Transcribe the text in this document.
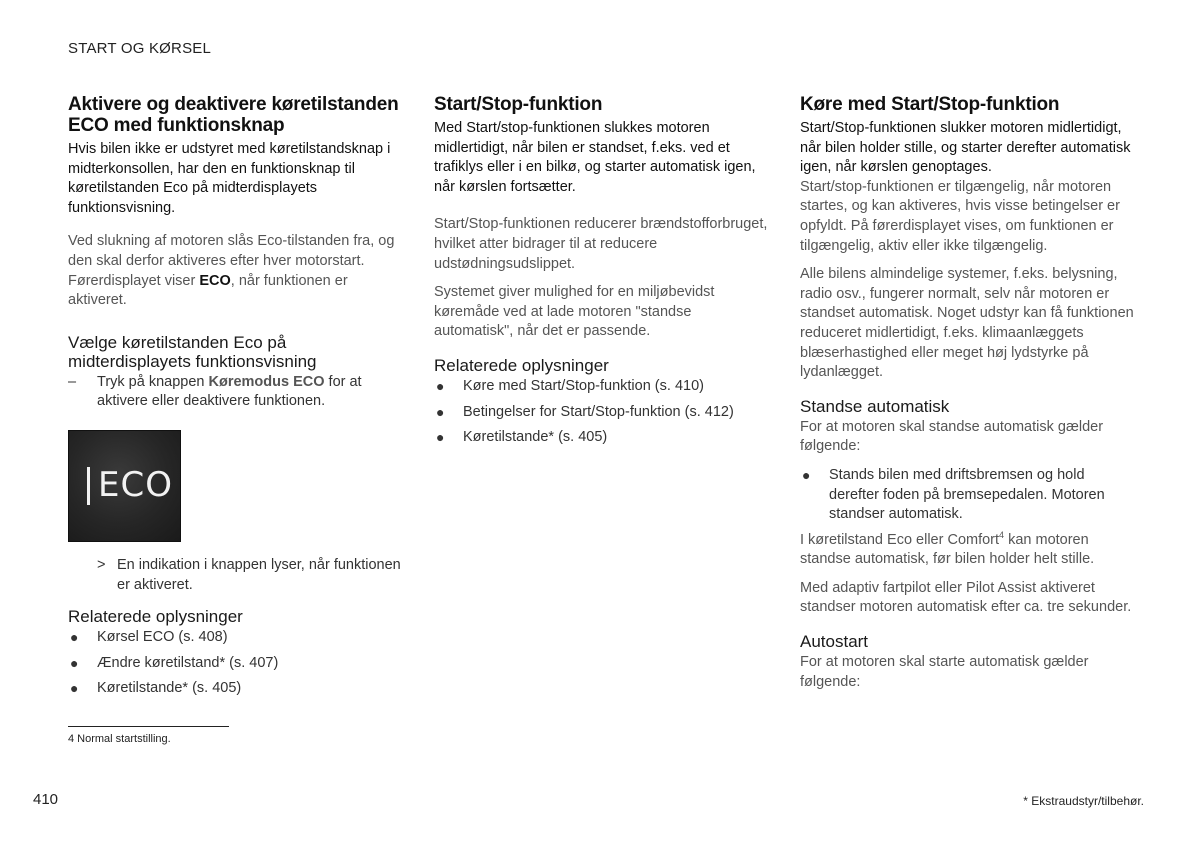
START OG KØRSEL
Aktivere og deaktivere køretilstanden ECO med funktionsknap

Hvis bilen ikke er udstyret med køretilstandsknap i midterkonsollen, har den en funktionsknap til køretilstanden Eco på midterdisplayets funktionsvisning.

Ved slukning af motoren slås Eco-tilstanden fra, og den skal derfor aktiveres efter hver motorstart. Førerdisplayet viser ECO, når funktionen er aktiveret.

Vælge køretilstanden Eco på midterdisplayets funktionsvisning
– Tryk på knappen Køremodus ECO for at aktivere eller deaktivere funktionen.
ECO
> En indikation i knappen lyser, når funktionen er aktiveret.
Relaterede oplysninger
● Kørsel ECO (s. 408)
● Ændre køretilstand* (s. 407)
● Køretilstande* (s. 405)
Start/Stop-funktion

Med Start/stop-funktionen slukkes motoren midlertidigt, når bilen er standset, f.eks. ved et trafiklys eller i en bilkø, og starter automatisk igen, når kørslen fortsætter.

Start/Stop-funktionen reducerer brændstofforbruget, hvilket atter bidrager til at reducere udstødningsudslippet.

Systemet giver mulighed for en miljøbevidst køremåde ved at lade motoren "standse automatisk", når det er passende.

Relaterede oplysninger
● Køre med Start/Stop-funktion (s. 410)
● Betingelser for Start/Stop-funktion (s. 412)
● Køretilstande* (s. 405)
Køre med Start/Stop-funktion

Start/Stop-funktionen slukker motoren midlertidigt, når bilen holder stille, og starter derefter automatisk igen, når kørslen genoptages.

Start/stop-funktionen er tilgængelig, når motoren startes, og kan aktiveres, hvis visse betingelser er opfyldt. På førerdisplayet vises, om funktionen er tilgængelig, aktiv eller ikke tilgængelig.

Alle bilens almindelige systemer, f.eks. belysning, radio osv., fungerer normalt, selv når motoren er standset automatisk. Noget udstyr kan få funktionen reduceret midlertidigt, f.eks. klimaanlæggets blæserhastighed eller meget høj lydstyrke på lydanlægget.

Standse automatisk

For at motoren skal standse automatisk gælder følgende:

● Stands bilen med driftsbremsen og hold derefter foden på bremsepedalen. Motoren standser automatisk.

I køretilstand Eco eller Comfort$^4$ kan motoren standse automatisk, før bilen holder helt stille.

Med adaptiv fartpilot eller Pilot Assist aktiveret standser motoren automatisk efter ca. tre sekunder.

Autostart

For at motoren skal starte automatisk gælder følgende:

4 Normal startstilling.
410	* Ekstraudstyr/tilbehør.
